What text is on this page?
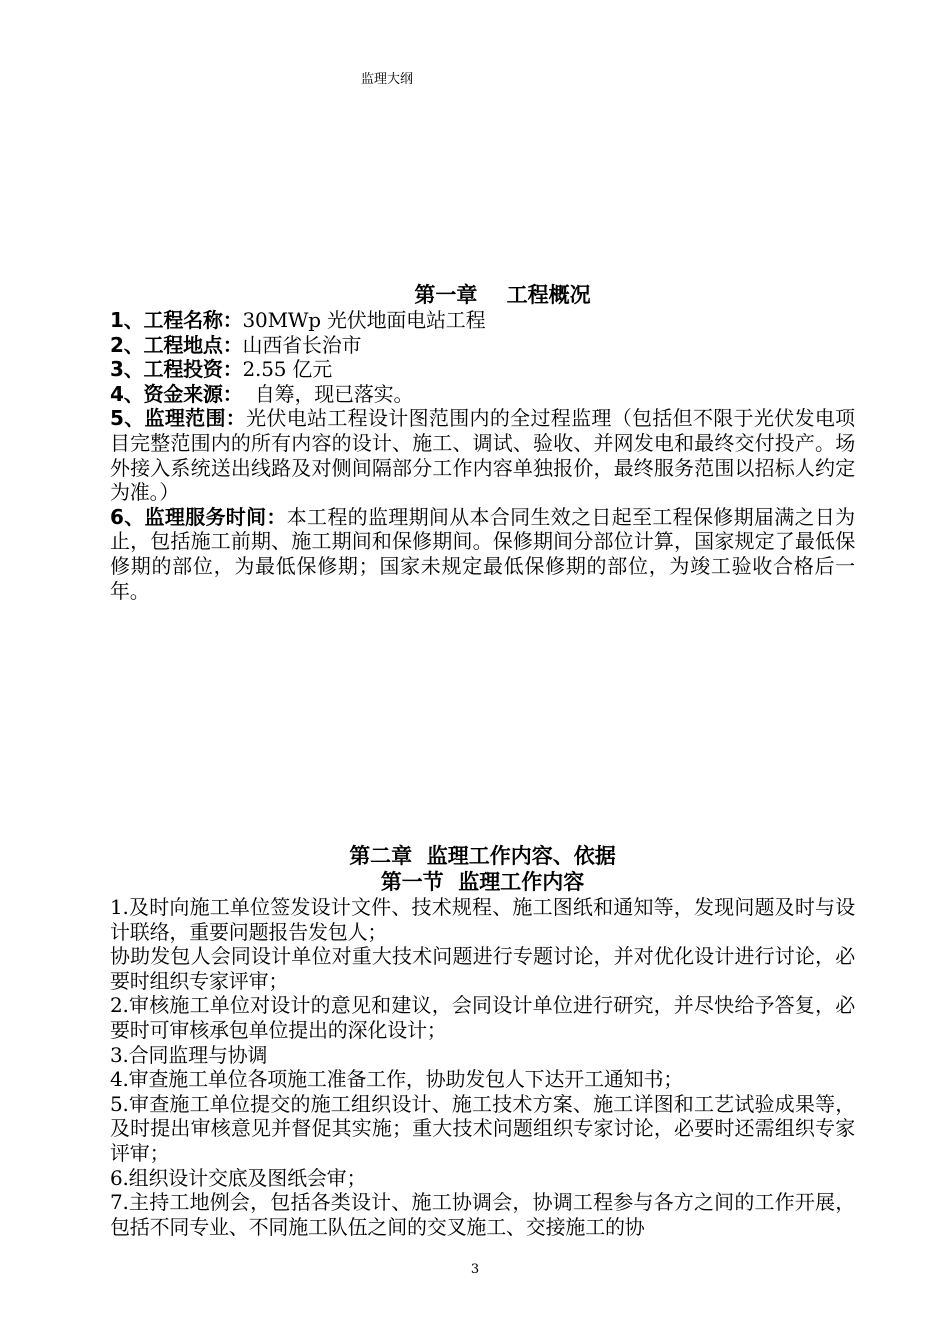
监理大纲
第一章    工程概况
1、工程名称：30MWp 光伏地面电站工程
2、工程地点：山西省长治市
3、工程投资：2.55 亿元
4、资金来源：  自筹，现已落实。
5、监理范围：光伏电站工程设计图范围内的全过程监理（包括但不限于光伏发电项目完整范围内的所有内容的设计、施工、调试、验收、并网发电和最终交付投产。场外接入系统送出线路及对侧间隔部分工作内容单独报价，最终服务范围以招标人约定为准。）
6、监理服务时间：本工程的监理期间从本合同生效之日起至工程保修期届满之日为止，包括施工前期、施工期间和保修期间。保修期间分部位计算，国家规定了最低保修期的部位，为最低保修期；国家未规定最低保修期的部位，为竣工验收合格后一年。
第二章  监理工作内容、依据
第一节  监理工作内容
1.及时向施工单位签发设计文件、技术规程、施工图纸和通知等，发现问题及时与设计联络，重要问题报告发包人；
协助发包人会同设计单位对重大技术问题进行专题讨论，并对优化设计进行讨论，必要时组织专家评审；
2.审核施工单位对设计的意见和建议，会同设计单位进行研究，并尽快给予答复，必要时可审核承包单位提出的深化设计；
3.合同监理与协调
4.审查施工单位各项施工准备工作，协助发包人下达开工通知书；
5.审查施工单位提交的施工组织设计、施工技术方案、施工详图和工艺试验成果等，及时提出审核意见并督促其实施；重大技术问题组织专家讨论，必要时还需组织专家评审；
6.组织设计交底及图纸会审；
7.主持工地例会，包括各类设计、施工协调会，协调工程参与各方之间的工作开展，包括不同专业、不同施工队伍之间的交叉施工、交接施工的协
3
